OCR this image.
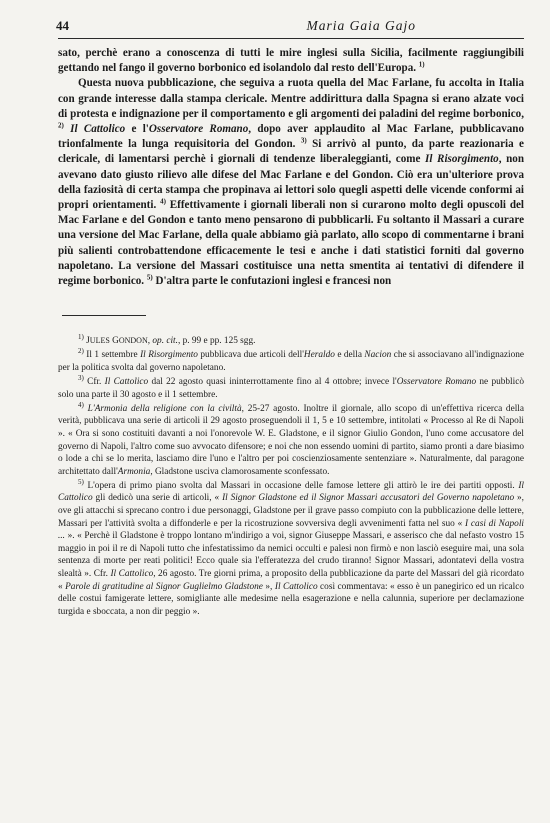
44	Maria Gaia Gajo

sato, perchè erano a conoscenza di tutti le mire inglesi sulla Sicilia, facilmente raggiungibili gettando nel fango il governo borbonico ed isolandolo dal resto dell'Europa. $^{1)}$

Questa nuova pubblicazione, che seguiva a ruota quella del Mac Farlane, fu accolta in Italia con grande interesse dalla stampa clericale. Mentre addirittura dalla Spagna si erano alzate voci di protesta e indignazione per il comportamento e gli argomenti dei paladini del regime borbonico, $^{2)}$ Il Cattolico e l'Osservatore Romano, dopo aver applaudito al Mac Farlane, pubblicavano trionfalmente la lunga requisitoria del Gondon. $^{3)}$ Si arrivò al punto, da parte reazionaria e clericale, di lamentarsi perchè i giornali di tendenze liberaleggianti, come Il Risorgimento, non avevano dato giusto rilievo alle difese del Mac Farlane e del Gondon. Ciò era un'ulteriore prova della faziosità di certa stampa che propinava ai lettori solo quegli aspetti delle vicende conformi ai propri orientamenti. $^{4)}$ Effettivamente i giornali liberali non si curarono molto degli opuscoli del Mac Farlane e del Gondon e tanto meno pensarono di pubblicarli. Fu soltanto il Massari a curare una versione del Mac Farlane, della quale abbiamo già parlato, allo scopo di commentarne i brani più salienti controbattendone efficacemente le tesi e anche i dati statistici forniti dal governo napoletano. La versione del Massari costituisce una netta smentita ai tentativi di difendere il regime borbonico. $^{5)}$ D'altra parte le confutazioni inglesi e francesi non

$^{1)}$ JULES GONDON, op. cit., p. 99 e pp. 125 sgg.

$^{2)}$ Il 1 settembre Il Risorgimento pubblicava due articoli dell'Heraldo e della Nacion che si associavano all'indignazione per la politica svolta dal governo napoletano.

$^{3)}$ Cfr. Il Cattolico dal 22 agosto quasi ininterrottamente fino al 4 ottobre; invece l'Osservatore Romano ne pubblicò solo una parte il 30 agosto e il 1 settembre.

$^{4)}$ L'Armonia della religione con la civiltà, 25-27 agosto. Inoltre il giornale, allo scopo di un'effettiva ricerca della verità, pubblicava una serie di articoli il 29 agosto proseguendoli il 1, 5 e 10 settembre, intitolati « Processo al Re di Napoli ». « Ora si sono costituiti davanti a noi l'onorevole W. E. Gladstone, e il signor Giulio Gondon, l'uno come accusatore del governo di Napoli, l'altro come suo avvocato difensore; e noi che non essendo uomini di partito, siamo pronti a dare biasimo o lode a chi se lo merita, lasciamo dire l'uno e l'altro per poi coscienziosamente sentenziare ». Naturalmente, dal paragone architettato dall'Armonia, Gladstone usciva clamorosamente sconfessato.

$^{5)}$ L'opera di primo piano svolta dal Massari in occasione delle famose lettere gli attirò le ire dei partiti opposti. Il Cattolico gli dedicò una serie di articoli, « Il Signor Gladstone ed il Signor Massari accusatori del Governo napoletano », ove gli attacchi si sprecano contro i due personaggi, Gladstone per il grave passo compiuto con la pubblicazione delle lettere, Massari per l'attività svolta a diffonderle e per la ricostruzione sovversiva degli avvenimenti fatta nel suo « I casi di Napoli ... ». « Perchè il Gladstone è troppo lontano m'indirigo a voi, signor Giuseppe Massari, e asserisco che dal nefasto vostro 15 maggio in poi il re di Napoli tutto che infestatissimo da nemici occulti e palesi non firmò e non lasciò eseguire mai, una sola sentenza di morte per reati politici! Ecco quale sia l'efferatezza del crudo tiranno! Signor Massari, adontatevi della vostra slealtà ». Cfr. Il Cattolico, 26 agosto. Tre giorni prima, a proposito della pubblicazione da parte del Massari del già ricordato « Parole di gratitudine al Signor Guglielmo Gladstone », Il Cattolico così commentava: « esso è un panegirico ed un ricalco delle costui famigerate lettere, somigliante alle medesime nella esagerazione e nella calunnia, superiore per declamazione turgida e sboccata, a non dir peggio ».
